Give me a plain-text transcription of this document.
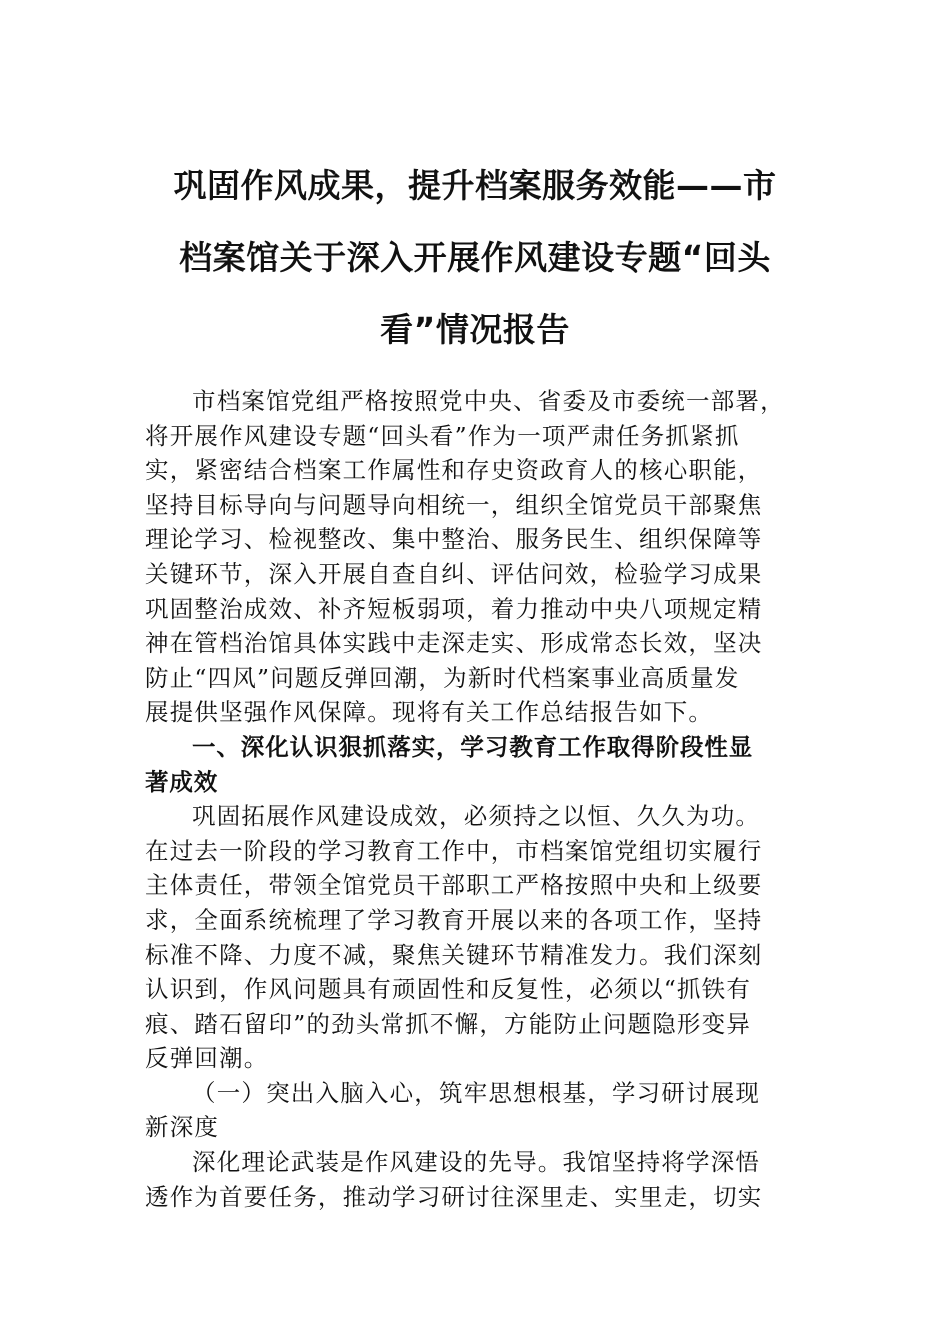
巩固作风成果，提升档案服务效能——市
档案馆关于深入开展作风建设专题“回头
看”情况报告
市档案馆党组严格按照党中央、省委及市委统一部署，
将开展作风建设专题“回头看”作为一项严肃任务抓紧抓
实，紧密结合档案工作属性和存史资政育人的核心职能，
坚持目标导向与问题导向相统一，组织全馆党员干部聚焦
理论学习、检视整改、集中整治、服务民生、组织保障等
关键环节，深入开展自查自纠、评估问效，检验学习成果
巩固整治成效、补齐短板弱项，着力推动中央八项规定精
神在管档治馆具体实践中走深走实、形成常态长效，坚决
防止“四风”问题反弹回潮，为新时代档案事业高质量发
展提供坚强作风保障。现将有关工作总结报告如下。
一、深化认识狠抓落实，学习教育工作取得阶段性显
著成效
巩固拓展作风建设成效，必须持之以恒、久久为功。
在过去一阶段的学习教育工作中，市档案馆党组切实履行
主体责任，带领全馆党员干部职工严格按照中央和上级要
求，全面系统梳理了学习教育开展以来的各项工作，坚持
标准不降、力度不减，聚焦关键环节精准发力。我们深刻
认识到，作风问题具有顽固性和反复性，必须以“抓铁有
痕、踏石留印”的劲头常抓不懈，方能防止问题隐形变异
反弹回潮。
（一）突出入脑入心，筑牢思想根基，学习研讨展现
新深度
深化理论武装是作风建设的先导。我馆坚持将学深悟
透作为首要任务，推动学习研讨往深里走、实里走，切实
